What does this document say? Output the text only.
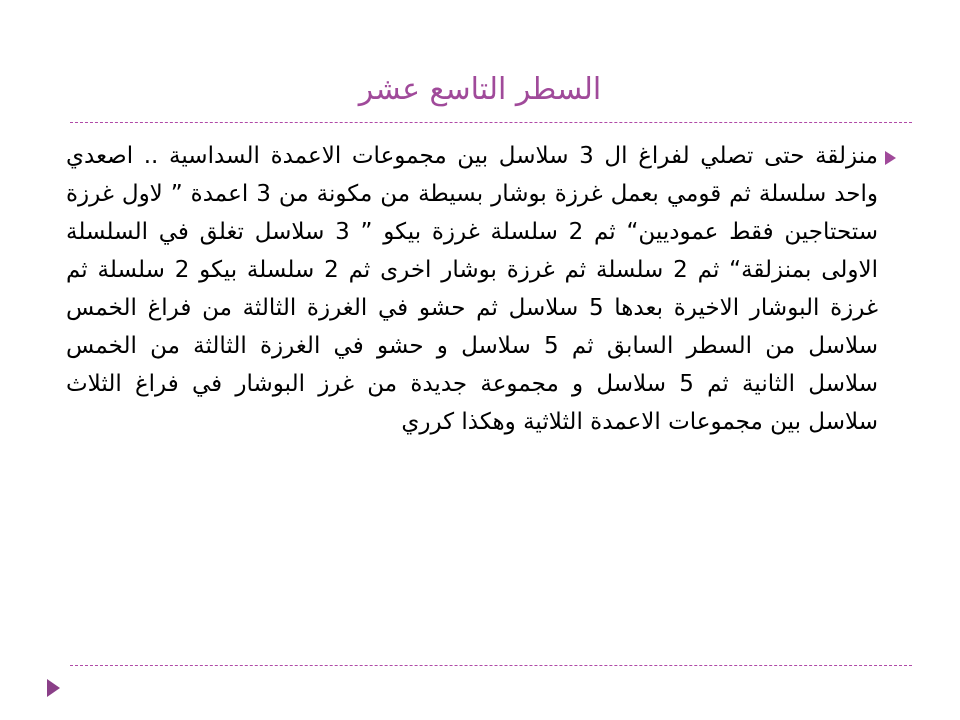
السطر التاسع عشر

منزلقة حتى تصلي لفراغ ال 3 سلاسل بين مجموعات الاعمدة السداسية .. اصعدي واحد سلسلة ثم قومي بعمل غرزة بوشار بسيطة من مكونة من 3 اعمدة ” لاول غرزة ستحتاجين فقط عموديين“ ثم 2 سلسلة غرزة بيكو ” 3 سلاسل تغلق في السلسلة الاولى بمنزلقة“ ثم 2 سلسلة ثم غرزة بوشار اخرى ثم 2 سلسلة بيكو 2 سلسلة ثم غرزة البوشار الاخيرة بعدها 5 سلاسل ثم حشو في الغرزة الثالثة من فراغ الخمس سلاسل من السطر السابق ثم 5 سلاسل و حشو في الغرزة الثالثة من الخمس سلاسل الثانية ثم 5 سلاسل و مجموعة جديدة من غرز البوشار في فراغ الثلاث سلاسل بين مجموعات الاعمدة الثلاثية وهكذا كرري
